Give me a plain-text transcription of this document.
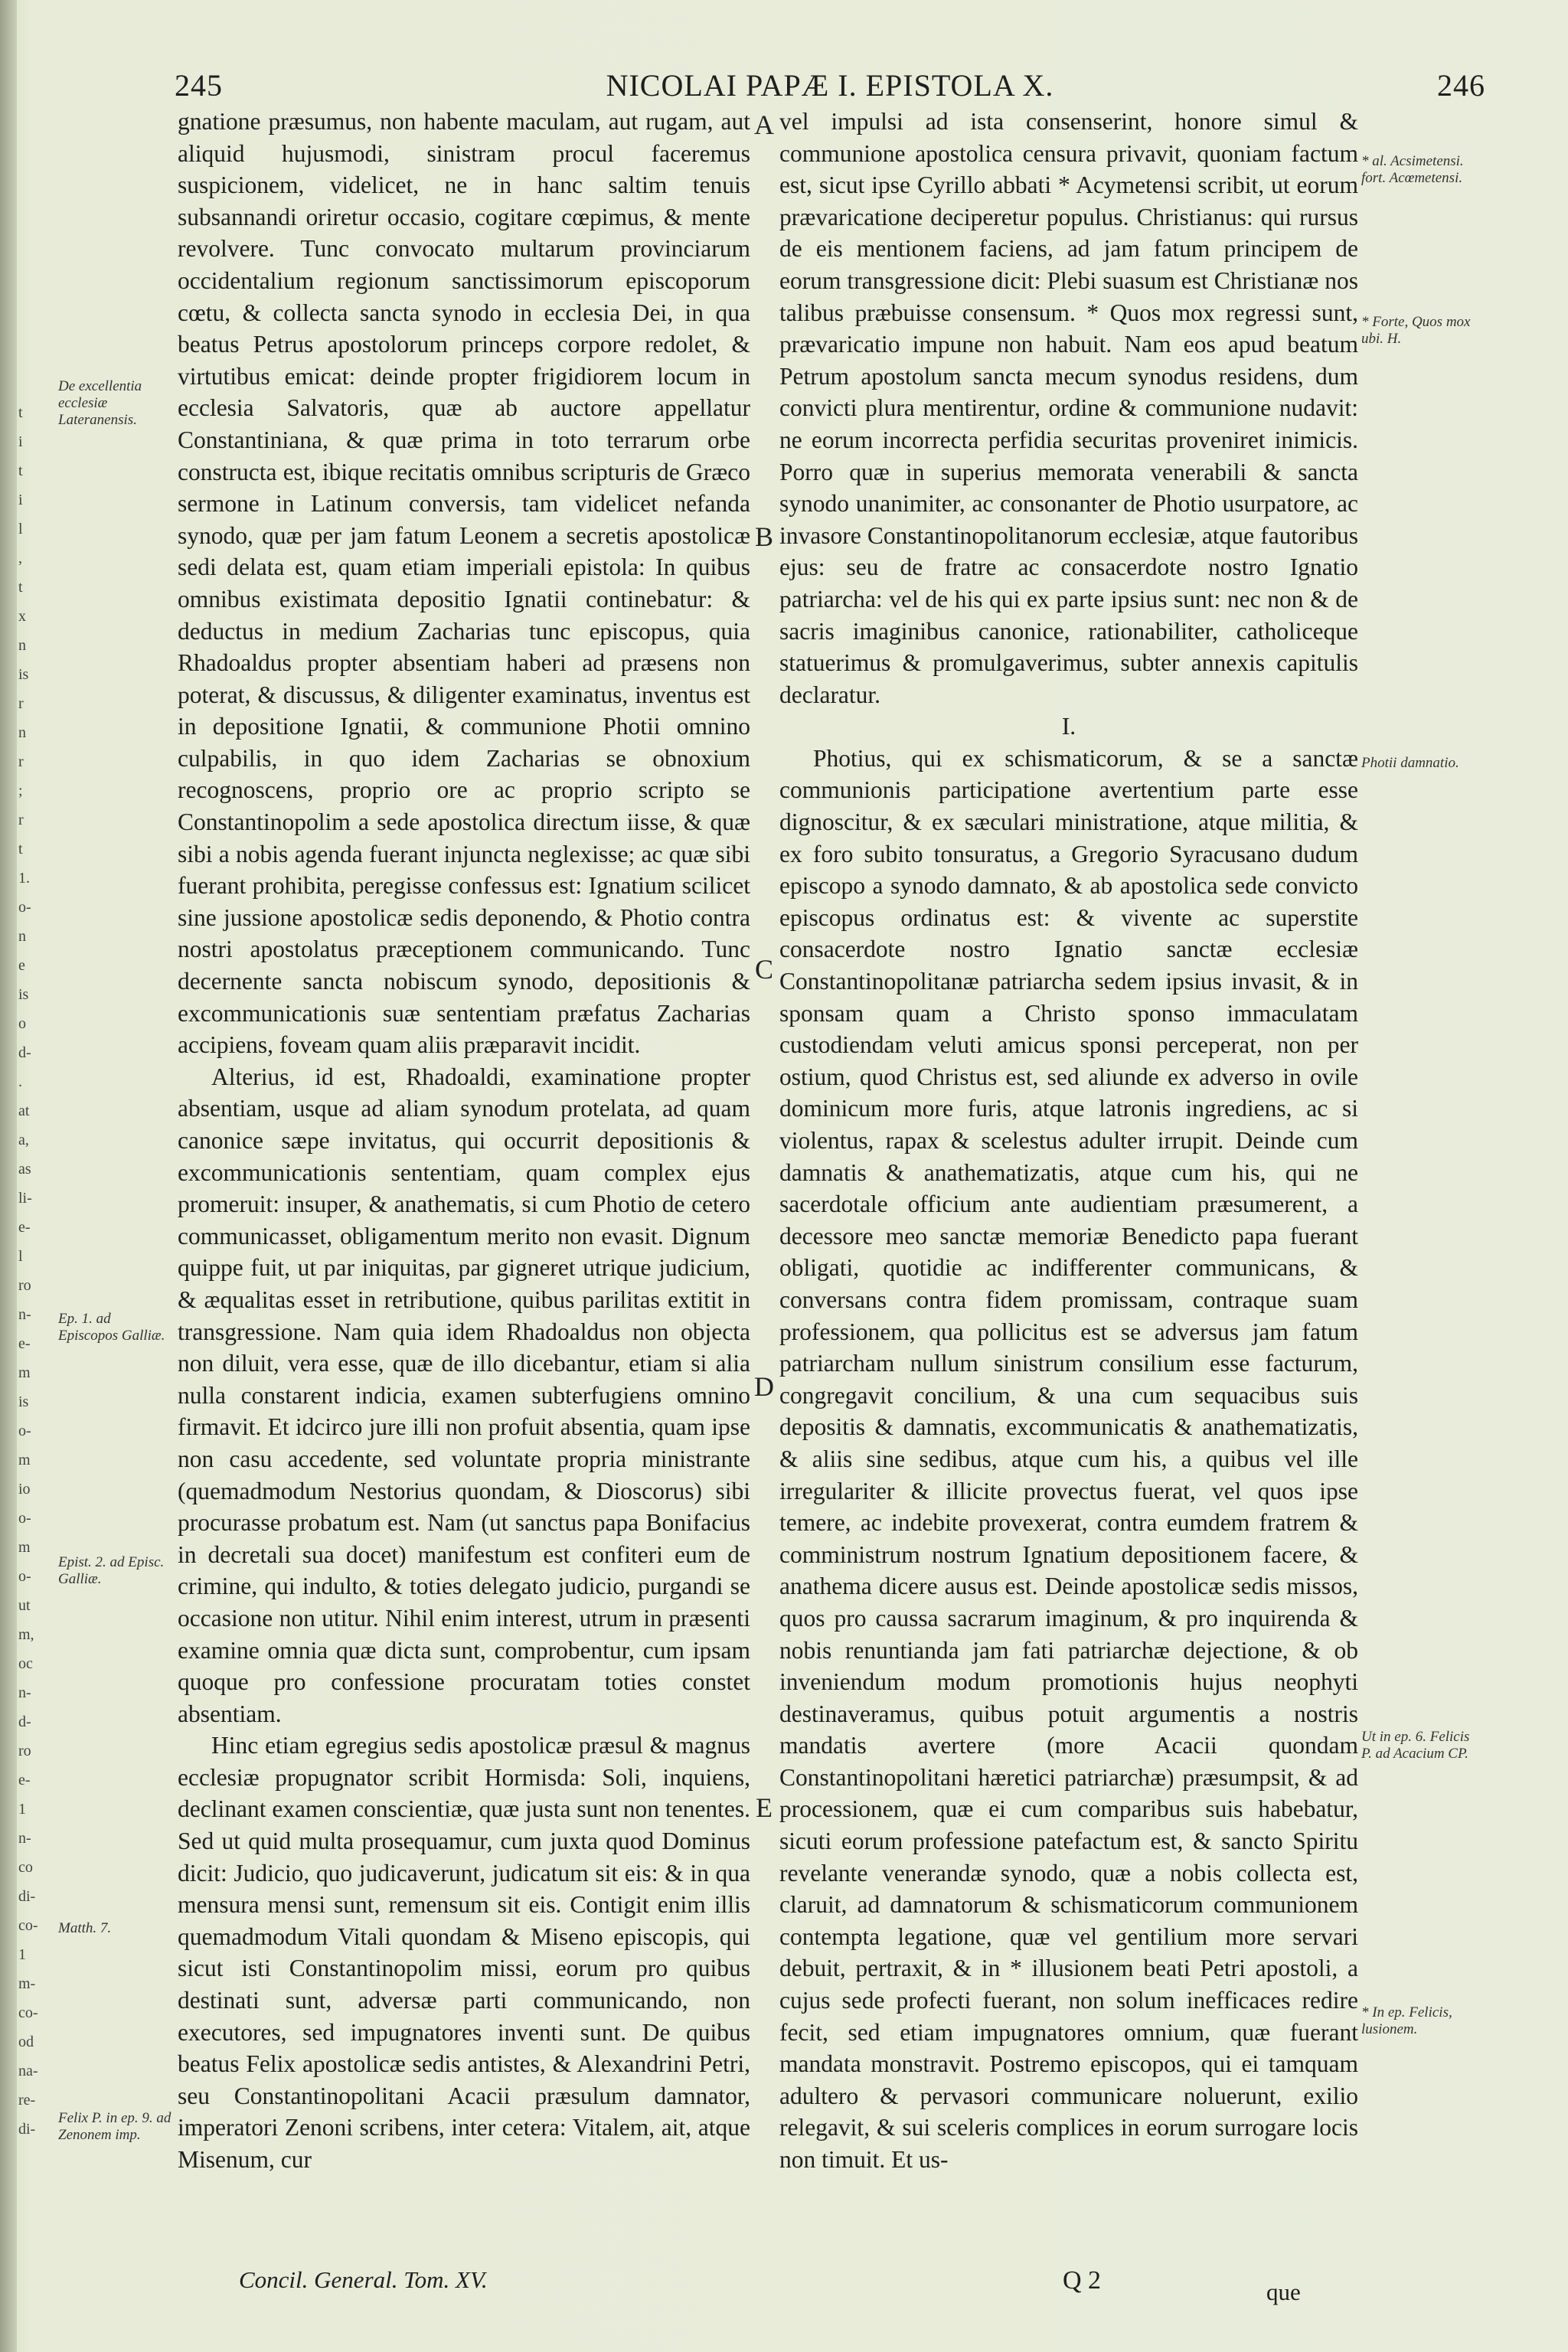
t
i
t
i
l
,
t
x
n
is
r
n
r
;
r
t
1.
o-
n
e
is
o
d-
.
at
a,
as
li-
e-
l
ro
n-
e-
m
is
o-
m
io
o-
m
o-
ut
m,
oc
n-
d-
ro
e-
1
n-
co
di-
co-
1
m-
co-
od
na-
re-
di-
245	NICOLAI PAPÆ I. EPISTOLA X.	246
De excellentia ecclesiæ Lateranensis.
Ep. 1. ad Episcopos Galliæ.
Epist. 2. ad Episc. Galliæ.
Matth. 7.
Felix P. in ep. 9. ad Zenonem imp.
* al. Acsimetensi. fort. Acœmetensi.
* Forte, Quos mox ubi. H.
Photii damnatio.
Ut in ep. 6. Felicis P. ad Acacium CP.
* In ep. Felicis, lusionem.
A
B
C
D
E

gnatione præsumus, non habente maculam, aut rugam, aut aliquid hujusmodi, sinistram procul faceremus suspicionem, videlicet, ne in hanc saltim tenuis subsannandi oriretur occasio, cogitare cœpimus, & mente revolvere. Tunc convocato multarum provinciarum occidentalium regionum sanctissimorum episcoporum cœtu, & collecta sancta synodo in ecclesia Dei, in qua beatus Petrus apostolorum princeps corpore redolet, & virtutibus emicat: deinde propter frigidiorem locum in ecclesia Salvatoris, quæ ab auctore appellatur Constantiniana, & quæ prima in toto terrarum orbe constructa est, ibique recitatis omnibus scripturis de Græco sermone in Latinum conversis, tam videlicet nefanda synodo, quæ per jam fatum Leonem a secretis apostolicæ sedi delata est, quam etiam imperiali epistola: In quibus omnibus existimata depositio Ignatii continebatur: & deductus in medium Zacharias tunc episcopus, quia Rhadoaldus propter absentiam haberi ad præsens non poterat, & discussus, & diligenter examinatus, inventus est in depositione Ignatii, & communione Photii omnino culpabilis, in quo idem Zacharias se obnoxium recognoscens, proprio ore ac proprio scripto se Constantinopolim a sede apostolica directum iisse, & quæ sibi a nobis agenda fuerant injuncta neglexisse; ac quæ sibi fuerant prohibita, peregisse confessus est: Ignatium scilicet sine jussione apostolicæ sedis deponendo, & Photio contra nostri apostolatus præceptionem communicando. Tunc decernente sancta nobiscum synodo, depositionis & excommunicationis suæ sententiam præfatus Zacharias accipiens, foveam quam aliis præparavit incidit.

Alterius, id est, Rhadoaldi, examinatione propter absentiam, usque ad aliam synodum protelata, ad quam canonice sæpe invitatus, qui occurrit depositionis & excommunicationis sententiam, quam complex ejus promeruit: insuper, & anathematis, si cum Photio de cetero communicasset, obligamentum merito non evasit. Dignum quippe fuit, ut par iniquitas, par gigneret utrique judicium, & æqualitas esset in retributione, quibus parilitas extitit in transgressione. Nam quia idem Rhadoaldus non objecta non diluit, vera esse, quæ de illo dicebantur, etiam si alia nulla constarent indicia, examen subterfugiens omnino firmavit. Et idcirco jure illi non profuit absentia, quam ipse non casu accedente, sed voluntate propria ministrante (quemadmodum Nestorius quondam, & Dioscorus) sibi procurasse probatum est. Nam (ut sanctus papa Bonifacius in decretali sua docet) manifestum est confiteri eum de crimine, qui indulto, & toties delegato judicio, purgandi se occasione non utitur. Nihil enim interest, utrum in præsenti examine omnia quæ dicta sunt, comprobentur, cum ipsam quoque pro confessione procuratam toties constet absentiam.

Hinc etiam egregius sedis apostolicæ præsul & magnus ecclesiæ propugnator scribit Hormisda: Soli, inquiens, declinant examen conscientiæ, quæ justa sunt non tenentes. Sed ut quid multa prosequamur, cum juxta quod Dominus dicit: Judicio, quo judicaverunt, judicatum sit eis: & in qua mensura mensi sunt, remensum sit eis. Contigit enim illis quemadmodum Vitali quondam & Miseno episcopis, qui sicut isti Constantinopolim missi, eorum pro quibus destinati sunt, adversæ parti communicando, non executores, sed impugnatores inventi sunt. De quibus beatus Felix apostolicæ sedis antistes, & Alexandrini Petri, seu Constantinopolitani Acacii præsulum damnator, imperatori Zenoni scribens, inter cetera: Vitalem, ait, atque Misenum, cur

vel impulsi ad ista consenserint, honore simul & communione apostolica censura privavit, quoniam factum est, sicut ipse Cyrillo abbati * Acymetensi scribit, ut eorum prævaricatione deciperetur populus. Christianus: qui rursus de eis mentionem faciens, ad jam fatum principem de eorum transgressione dicit: Plebi suasum est Christianæ nos talibus præbuisse consensum. * Quos mox regressi sunt, prævaricatio impune non habuit. Nam eos apud beatum Petrum apostolum sancta mecum synodus residens, dum convicti plura mentirentur, ordine & communione nudavit: ne eorum incorrecta perfidia securitas proveniret inimicis. Porro quæ in superius memorata venerabili & sancta synodo unanimiter, ac consonanter de Photio usurpatore, ac invasore Constantinopolitanorum ecclesiæ, atque fautoribus ejus: seu de fratre ac consacerdote nostro Ignatio patriarcha: vel de his qui ex parte ipsius sunt: nec non & de sacris imaginibus canonice, rationabiliter, catholiceque statuerimus & promulgaverimus, subter annexis capitulis declaratur.

I.

Photius, qui ex schismaticorum, & se a sanctæ communionis participatione avertentium parte esse dignoscitur, & ex sæculari ministratione, atque militia, & ex foro subito tonsuratus, a Gregorio Syracusano dudum episcopo a synodo damnato, & ab apostolica sede convicto episcopus ordinatus est: & vivente ac superstite consacerdote nostro Ignatio sanctæ ecclesiæ Constantinopolitanæ patriarcha sedem ipsius invasit, & in sponsam quam a Christo sponso immaculatam custodiendam veluti amicus sponsi perceperat, non per ostium, quod Christus est, sed aliunde ex adverso in ovile dominicum more furis, atque latronis ingrediens, ac si violentus, rapax & scelestus adulter irrupit. Deinde cum damnatis & anathematizatis, atque cum his, qui ne sacerdotale officium ante audientiam præsumerent, a decessore meo sanctæ memoriæ Benedicto papa fuerant obligati, quotidie ac indifferenter communicans, & conversans contra fidem promissam, contraque suam professionem, qua pollicitus est se adversus jam fatum patriarcham nullum sinistrum consilium esse facturum, congregavit concilium, & una cum sequacibus suis depositis & damnatis, excommunicatis & anathematizatis, & aliis sine sedibus, atque cum his, a quibus vel ille irregulariter & illicite provectus fuerat, vel quos ipse temere, ac indebite provexerat, contra eumdem fratrem & comministrum nostrum Ignatium depositionem facere, & anathema dicere ausus est. Deinde apostolicæ sedis missos, quos pro caussa sacrarum imaginum, & pro inquirenda & nobis renuntianda jam fati patriarchæ dejectione, & ob inveniendum modum promotionis hujus neophyti destinaveramus, quibus potuit argumentis a nostris mandatis avertere (more Acacii quondam Constantinopolitani hæretici patriarchæ) præsumpsit, & ad processionem, quæ ei cum comparibus suis habebatur, sicuti eorum professione patefactum est, & sancto Spiritu revelante venerandæ synodo, quæ a nobis collecta est, claruit, ad damnatorum & schismaticorum communionem contempta legatione, quæ vel gentilium more servari debuit, pertraxit, & in * illusionem beati Petri apostoli, a cujus sede profecti fuerant, non solum inefficaces redire fecit, sed etiam impugnatores omnium, quæ fuerant mandata monstravit. Postremo episcopos, qui ei tamquam adultero & pervasori communicare noluerunt, exilio relegavit, & sui sceleris complices in eorum surrogare locis non timuit. Et us-

Concil. General. Tom. XV.	Q 2	que
